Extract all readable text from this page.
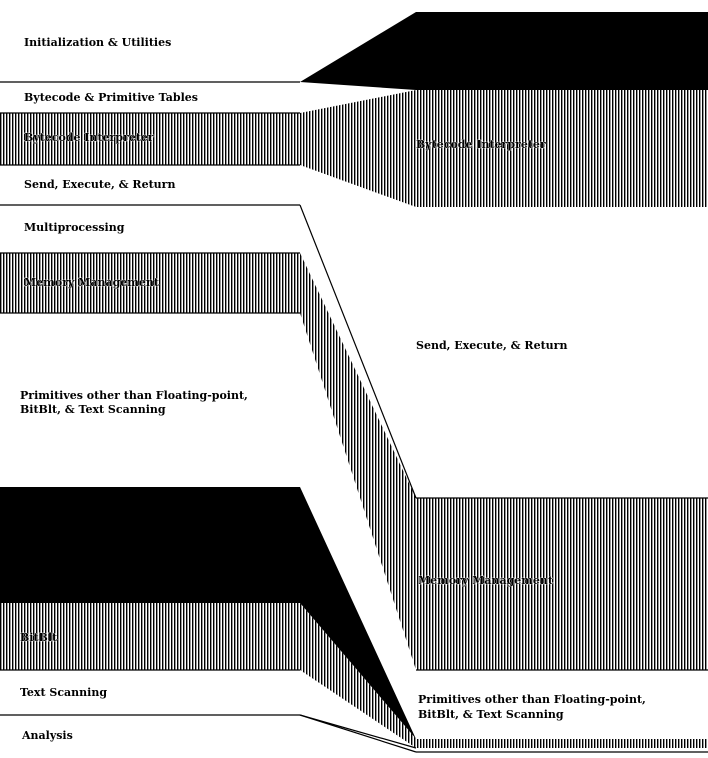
Initialization & Utilities
Bytecode & Primitive Tables
Bytecode Interpreter
Send, Execute, & Return
Multiprocessing
Memory Management
Primitives other than Floating-point,
BitBlt, & Text Scanning
BitBlt
Text Scanning
Analysis
Bytecode Interpreter
Send, Execute, & Return
Memory Management
Primitives other than Floating-point,
BitBlt, & Text Scanning
